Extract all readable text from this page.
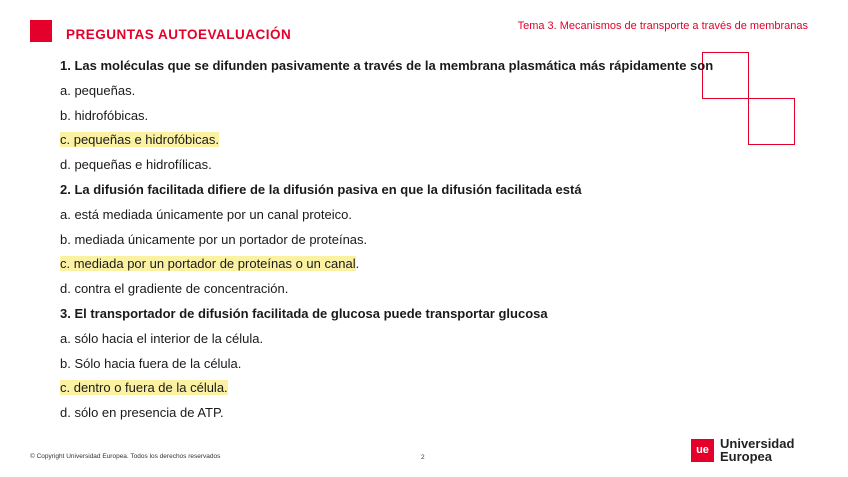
PREGUNTAS AUTOEVALUACIÓN
Tema 3. Mecanismos de transporte a través de membranas
1. Las moléculas que se difunden pasivamente a través de la membrana plasmática más rápidamente son
a. pequeñas.
b. hidrofóbicas.
c. pequeñas e hidrofóbicas.
d. pequeñas e hidrofílicas.
2. La difusión facilitada difiere de la difusión pasiva en que la difusión facilitada está
a. está mediada únicamente por un canal proteico.
b. mediada únicamente por un portador de proteínas.
c. mediada por un portador de proteínas o un canal.
d. contra el gradiente de concentración.
3. El transportador de difusión facilitada de glucosa puede transportar glucosa
a. sólo hacia el interior de la célula.
b. Sólo hacia fuera de la célula.
c. dentro o fuera de la célula.
d. sólo en presencia de ATP.
© Copyright Universidad Europea. Todos los derechos reservados	2
ue Universidad
Europea
